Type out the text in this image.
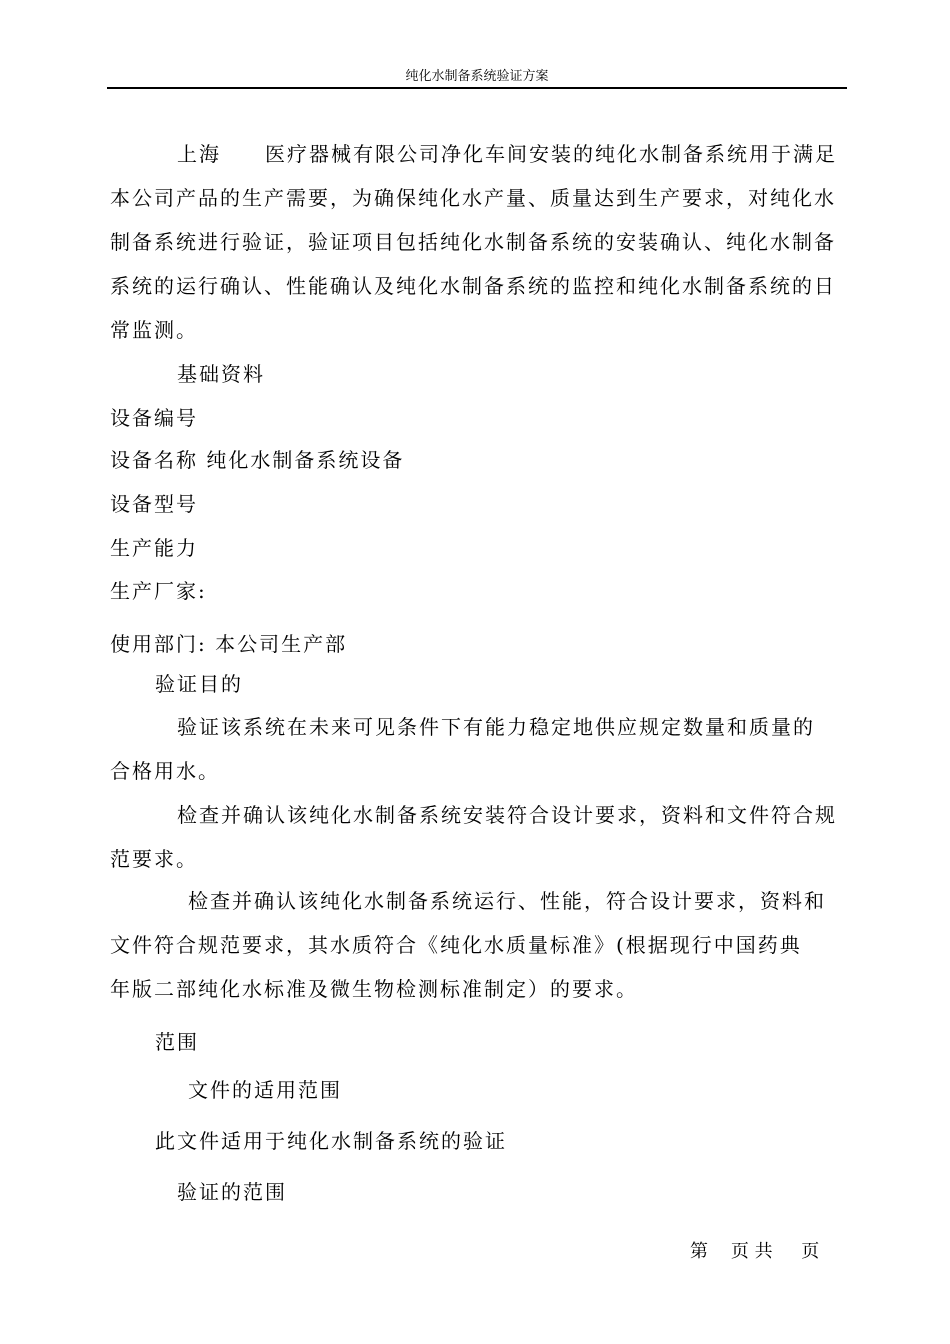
纯化水制备系统验证方案
上海　　医疗器械有限公司净化车间安装的纯化水制备系统用于满足
本公司产品的生产需要，为确保纯化水产量、质量达到生产要求，对纯化水
制备系统进行验证，验证项目包括纯化水制备系统的安装确认、纯化水制备
系统的运行确认、性能确认及纯化水制备系统的监控和纯化水制备系统的日
常监测。
基础资料
设备编号
设备名称 纯化水制备系统设备
设备型号
生产能力
生产厂家:
使用部门: 本公司生产部
验证目的
验证该系统在未来可见条件下有能力稳定地供应规定数量和质量的
合格用水。
检查并确认该纯化水制备系统安装符合设计要求，资料和文件符合规
范要求。
检查并确认该纯化水制备系统运行、性能，符合设计要求，资料和
文件符合规范要求，其水质符合《纯化水质量标准》(根据现行中国药典
年版二部纯化水标准及微生物检测标准制定）的要求。
范围
文件的适用范围
此文件适用于纯化水制备系统的验证
验证的范围
第    页 共     页
